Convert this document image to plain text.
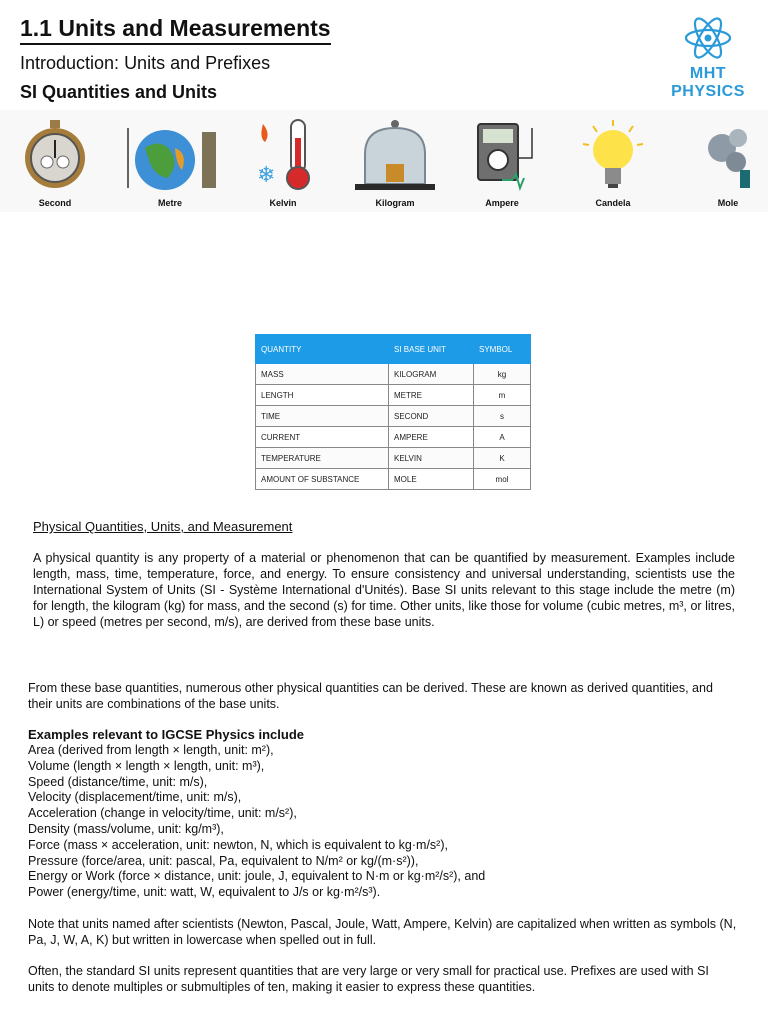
1.1 Units and Measurements
Introduction: Units and Prefixes
SI Quantities and Units
MHT
PHYSICS
Second	Metre
❄
Kelvin	Kilogram	Ampere	Candela	Mole
QUANTITY	SI BASE UNIT	SYMBOL
MASS	KILOGRAM	kg
LENGTH	METRE	m
TIME	SECOND	s
CURRENT	AMPERE	A
TEMPERATURE	KELVIN	K
AMOUNT OF SUBSTANCE	MOLE	mol
Physical Quantities, Units, and Measurement
A physical quantity is any property of a material or phenomenon that can be quantified by measurement. Examples include length, mass, time, temperature, force, and energy. To ensure consistency and universal understanding, scientists use the International System of Units (SI - Système International d'Unités). Base SI units relevant to this stage include the metre (m) for length, the kilogram (kg) for mass, and the second (s) for time. Other units, like those for volume (cubic metres, m³, or litres, L) or speed (metres per second, m/s), are derived from these base units.
From these base quantities, numerous other physical quantities can be derived. These are known as derived quantities, and their units are combinations of the base units.
Examples relevant to IGCSE Physics include
Area (derived from length × length, unit: m²),
Volume (length × length × length, unit: m³),
Speed (distance/time, unit: m/s),
Velocity (displacement/time, unit: m/s),
Acceleration (change in velocity/time, unit: m/s²),
Density (mass/volume, unit: kg/m³),
Force (mass × acceleration, unit: newton, N, which is equivalent to kg·m/s²),
Pressure (force/area, unit: pascal, Pa, equivalent to N/m² or kg/(m·s²)),
Energy or Work (force × distance, unit: joule, J, equivalent to N·m or kg·m²/s²), and
Power (energy/time, unit: watt, W, equivalent to J/s or kg·m²/s³).
Note that units named after scientists (Newton, Pascal, Joule, Watt, Ampere, Kelvin) are capitalized when written as symbols (N, Pa, J, W, A, K) but written in lowercase when spelled out in full.
Often, the standard SI units represent quantities that are very large or very small for practical use. Prefixes are used with SI units to denote multiples or submultiples of ten, making it easier to express these quantities.
